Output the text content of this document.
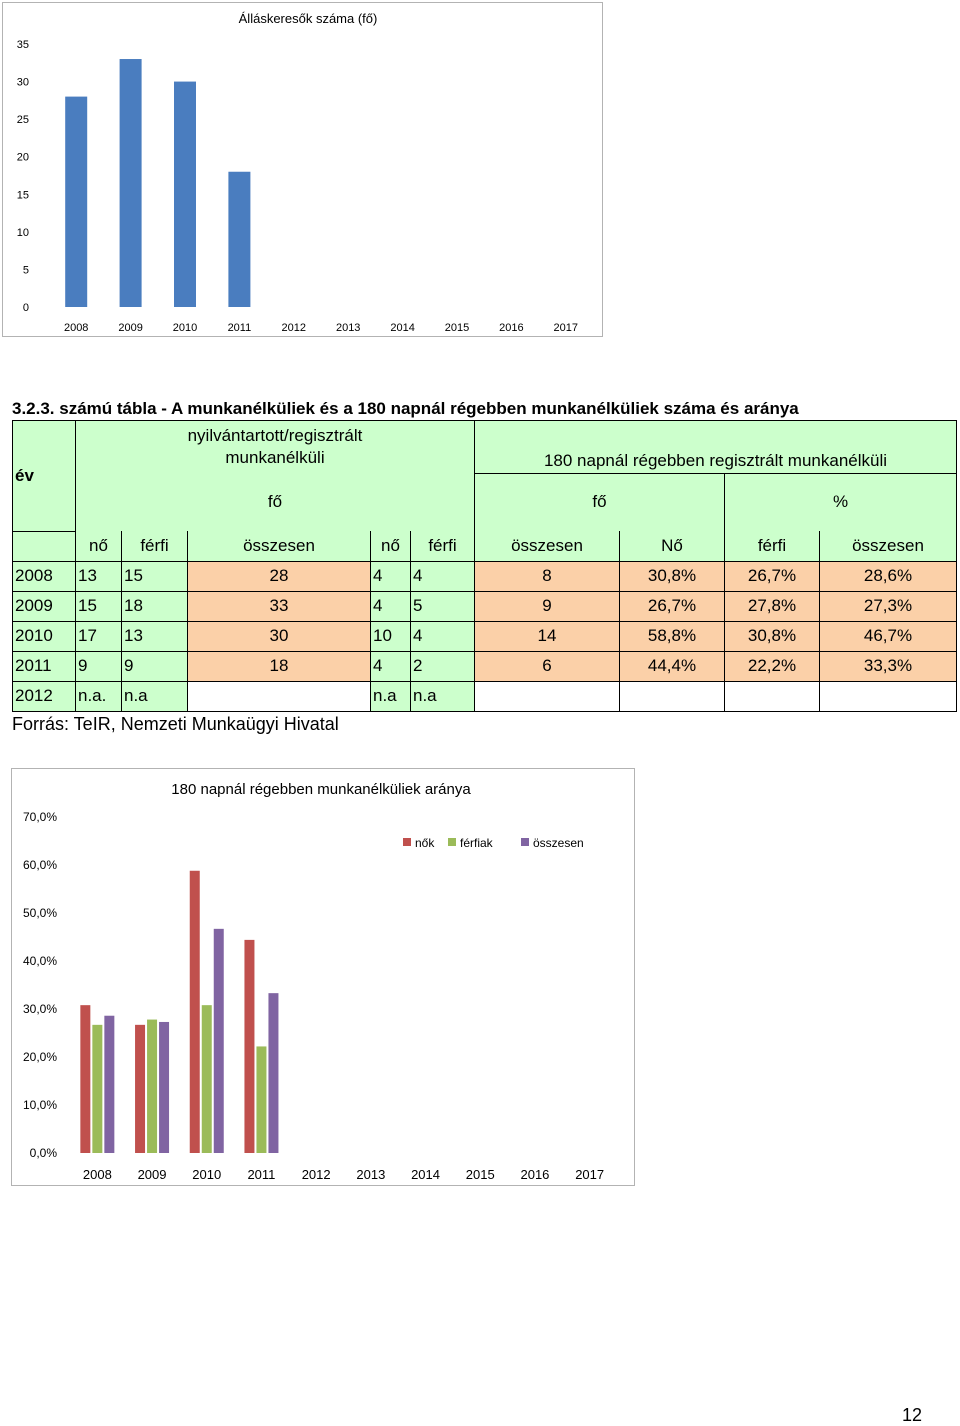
Álláskeresők száma (fő)
0
5
10
15
20
25
30
35
2008	2009	2010	2011	2012	2013	2014	2015	2016	2017
3.2.3. számú tábla - A munkanélküliek és a 180 napnál régebben munkanélküliek száma és aránya
év	nyilvántartott/regisztrált
munkanélküli					180 napnál régebben regisztrált munkanélküli			
	fő					fő		%	
	nő	férfi	összesen	nő	férfi	összesen	Nő	férfi	összesen
2008	13	15	28	4	4	8	30,8%	26,7%	28,6%
2009	15	18	33	4	5	9	26,7%	27,8%	27,3%
2010	17	13	30	10	4	14	58,8%	30,8%	46,7%
2011	9	9	18	4	2	6	44,4%	22,2%	33,3%
2012	n.a.	n.a		n.a	n.a				
Forrás: TeIR, Nemzeti Munkaügyi Hivatal
180 napnál régebben munkanélküliek aránya
0,0%
10,0%
20,0%
30,0%
40,0%
50,0%
60,0%
70,0%
2008 2009 2010 2011 2012 2013 2014 2015 2016 2017
nők férfiak	összesen
12
